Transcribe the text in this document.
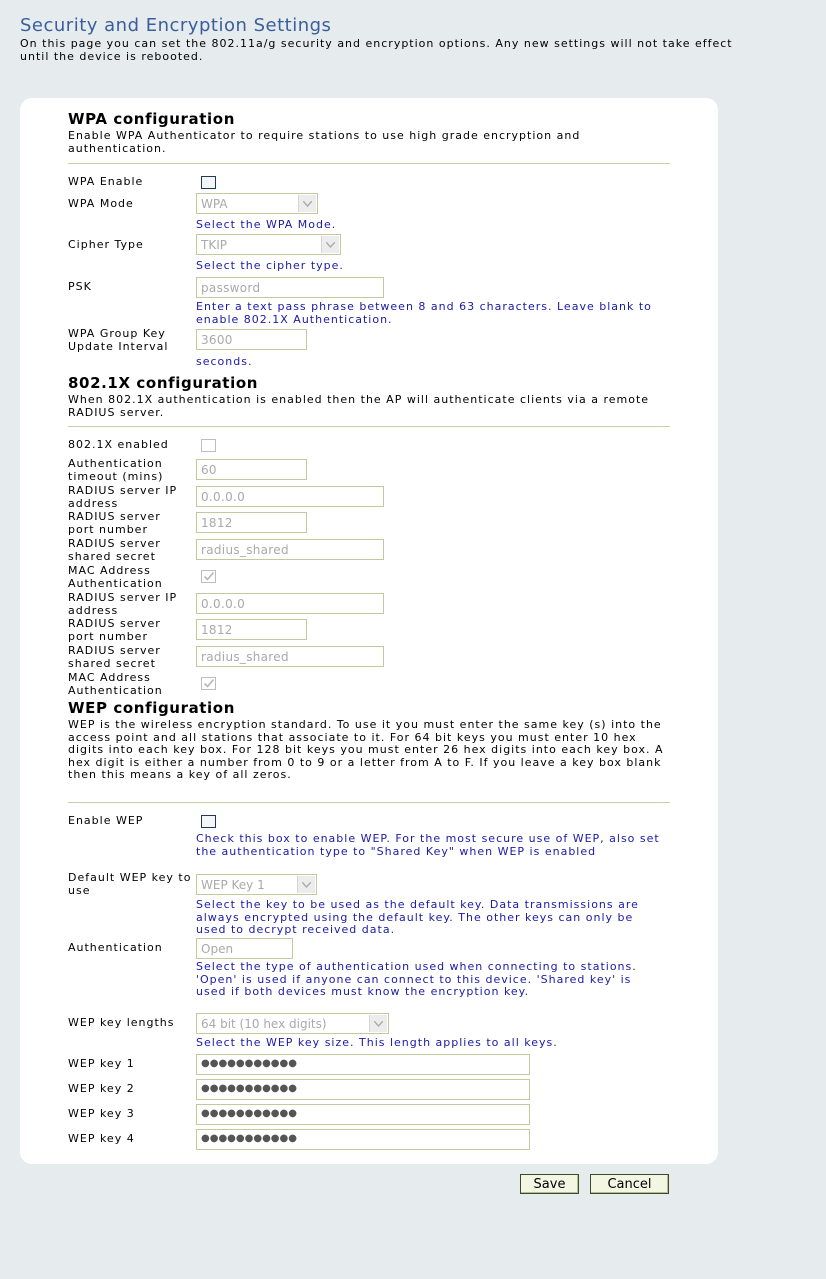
Security and Encryption Settings

On this page you can set the 802.11a/g security and encryption options. Any new settings will not take effect until the device is rebooted.

WPA configuration
Enable WPA Authenticator to require stations to use high grade encryption and authentication.
WPA Enable
WPA Mode	WPA
Select the WPA Mode.
Cipher Type	TKIP
Select the cipher type.
PSK	password
Enter a text pass phrase between 8 and 63 characters. Leave blank to enable 802.1X Authentication.
WPA Group Key Update Interval	3600
seconds.
802.1X configuration
When 802.1X authentication is enabled then the AP will authenticate clients via a remote RADIUS server.
802.1X enabled
Authentication timeout (mins)	60
RADIUS server IP address	0.0.0.0
RADIUS server port number	1812
RADIUS server shared secret	radius_shared
MAC Address Authentication
RADIUS server IP address	0.0.0.0
RADIUS server port number	1812
RADIUS server shared secret	radius_shared
MAC Address Authentication
WEP configuration
WEP is the wireless encryption standard. To use it you must enter the same key (s) into the access point and all stations that associate to it. For 64 bit keys you must enter 10 hex digits into each key box. For 128 bit keys you must enter 26 hex digits into each key box. A hex digit is either a number from 0 to 9 or a letter from A to F. If you leave a key box blank then this means a key of all zeros.
Enable WEP
Check this box to enable WEP. For the most secure use of WEP, also set the authentication type to "Shared Key" when WEP is enabled
Default WEP key to use	WEP Key 1
Select the key to be used as the default key. Data transmissions are always encrypted using the default key. The other keys can only be used to decrypt received data.
Authentication	Open
Select the type of authentication used when connecting to stations. 'Open' is used if anyone can connect to this device. 'Shared key' is used if both devices must know the encryption key.
WEP key lengths	64 bit (10 hex digits)
Select the WEP key size. This length applies to all keys.
WEP key 1	●●●●●●●●●●●
WEP key 2	●●●●●●●●●●●
WEP key 3	●●●●●●●●●●●
WEP key 4	●●●●●●●●●●●
Save	Cancel
